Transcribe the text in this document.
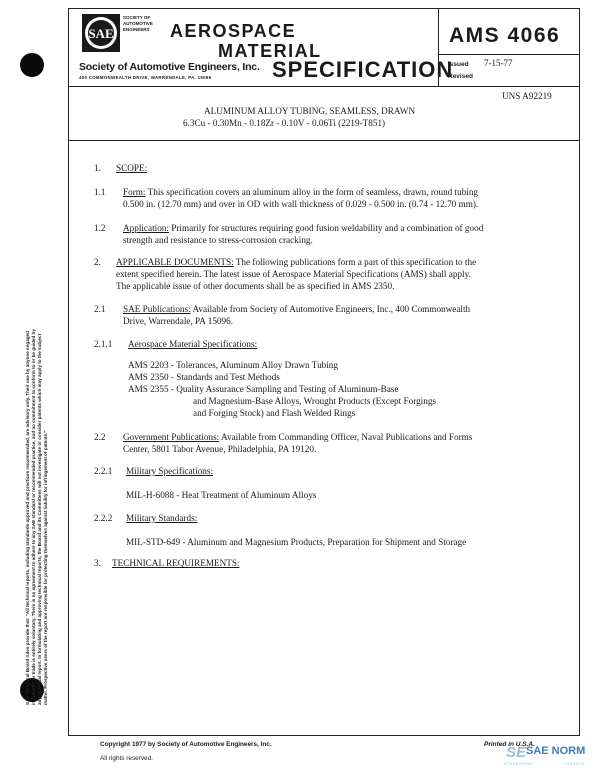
SAE
SOCIETY OF
AUTOMOTIVE
ENGINEERS AEROSPACE
MATERIAL
SPECIFICATION
Society of Automotive Engineers, Inc.
400 COMMONWEALTH DRIVE, WARRENDALE, PA. 15096
AMS 4066
Issued 7-15-77
Revised
UNS A92219
ALUMINUM ALLOY TUBING, SEAMLESS, DRAWN
6.3Cu - 0.30Mn - 0.18Zr - 0.10V - 0.06Ti (2219-T851)
1. SCOPE:
1.1 Form: This specification covers an aluminum alloy in the form of seamless, drawn, round tubing
0.500 in. (12.70 mm) and over in OD with wall thickness of 0.029 - 0.500 in. (0.74 - 12.70 mm).
1.2 Application: Primarily for structures requiring good fusion weldability and a combination of good
strength and resistance to stress-corrosion cracking.
2. APPLICABLE DOCUMENTS: The following publications form a part of this specification to the
extent specified herein. The latest issue of Aerospace Material Specifications (AMS) shall apply.
The applicable issue of other documents shall be as specified in AMS 2350.
2.1 SAE Publications: Available from Society of Automotive Engineers, Inc., 400 Commonwealth
Drive, Warrendale, PA 15096.
2.1.1 Aerospace Material Specifications:
AMS 2203 - Tolerances, Aluminum Alloy Drawn Tubing
AMS 2350 - Standards and Test Methods
AMS 2355 - Quality Assurance Sampling and Testing of Aluminum-Base
and Magnesium-Base Alloys, Wrought Products (Except Forgings
and Forging Stock) and Flash Welded Rings
2.2 Government Publications: Available from Commanding Officer, Naval Publications and Forms
Center, 5801 Tabor Avenue, Philadelphia, PA 19120.
2.2.1 Military Specifications:
MIL-H-6088 - Heat Treatment of Aluminum Alloys
2.2.2 Military Standards:
MIL-STD-649 - Aluminum and Magnesium Products, Preparation for Shipment and Storage
3. TECHNICAL REQUIREMENTS:
SAE Technical Board rules provide that: "All technical reports, including standards approved and practices recommended, are advisory only. Their use by anyone engaged in industry or trade is entirely voluntary. There is no agreement to adhere to any SAE standard or recommended practice, and no commitment to conform to or be guided by any technical report. In formulating and approving technical reports, the Board and its Committees will not investigate or consider patents which may apply to the subject matter. Prospective users of the report are responsible for protecting themselves against liability for infringement of patents."
Copyright 1977 by Society of Automotive Engineers, Inc.
All rights reserved.
Printed in U.S.A.
SE SAE NORM
ATHERTHING	THEASTE
